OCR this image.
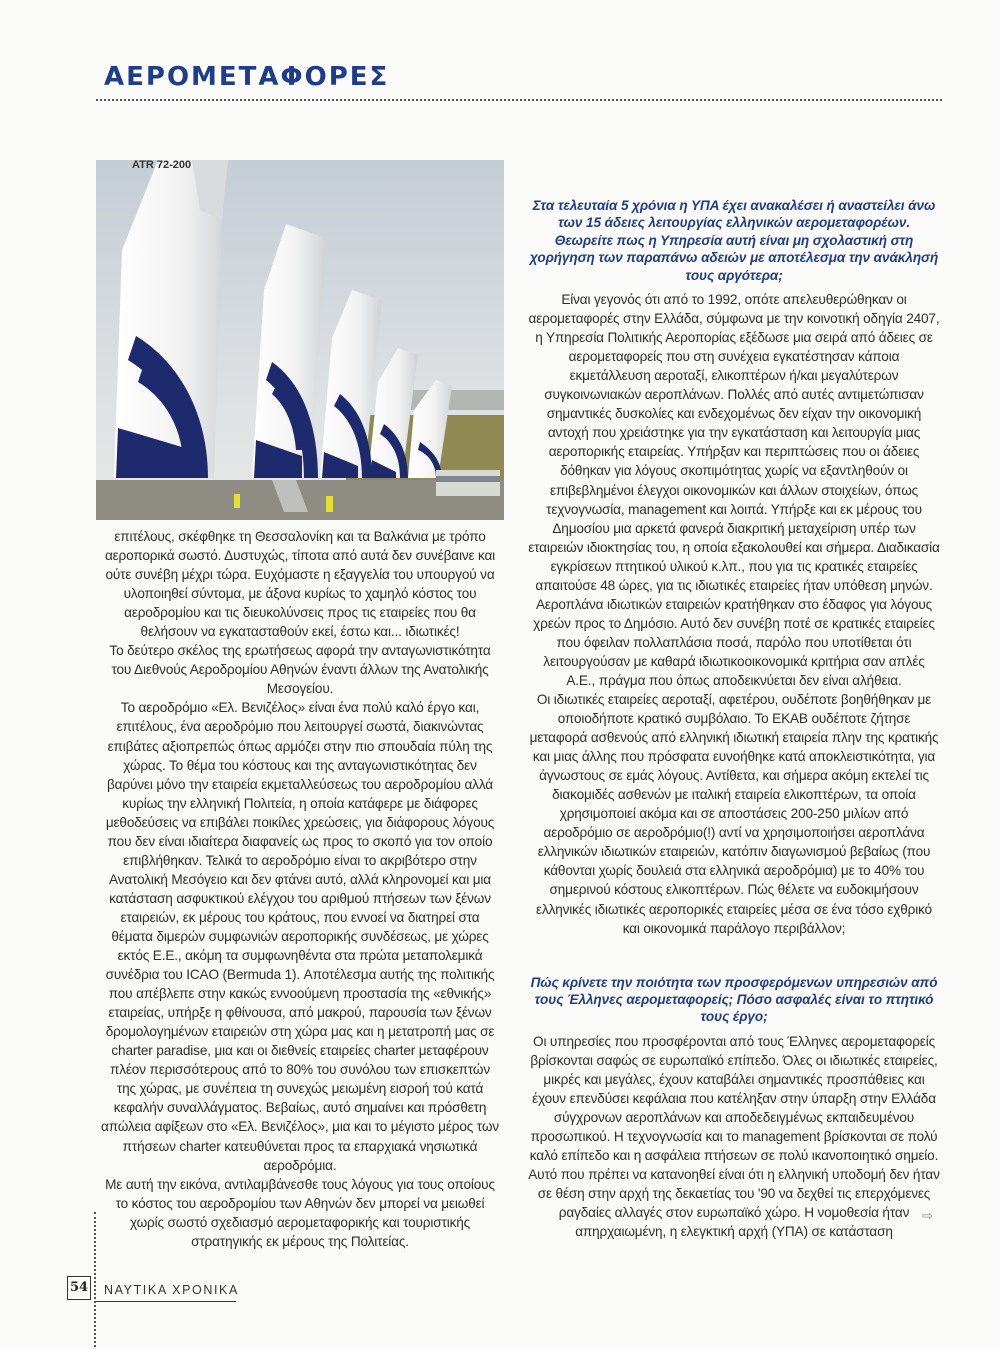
ΑΕΡΟΜΕΤΑΦΟΡΕΣ
ATR 72-200

επιτέλους, σκέφθηκε τη Θεσσαλονίκη και τα Βαλκάνια με τρόπο αεροπορικά σωστό. Δυστυχώς, τίποτα από αυτά δεν συνέβαινε και ούτε συνέβη μέχρι τώρα. Ευχόμαστε η εξαγγελία του υπουργού να υλοποιηθεί σύντομα, με άξονα κυρίως το χαμηλό κόστος του αεροδρομίου και τις διευκολύνσεις προς τις εταιρείες που θα θελήσουν να εγκατασταθούν εκεί, έστω και... ιδιωτικές!

Το δεύτερο σκέλος της ερωτήσεως αφορά την ανταγωνιστικότητα του Διεθνούς Αεροδρομίου Αθηνών έναντι άλλων της Ανατολικής Μεσογείου.

Το αεροδρόμιο «Ελ. Βενιζέλος» είναι ένα πολύ καλό έργο και, επιτέλους, ένα αεροδρόμιο που λειτουργεί σωστά, διακινώντας επιβάτες αξιοπρεπώς όπως αρμόζει στην πιο σπουδαία πύλη της χώρας. Το θέμα του κόστους και της ανταγωνιστικότητας δεν βαρύνει μόνο την εταιρεία εκμεταλλεύσεως του αεροδρομίου αλλά κυρίως την ελληνική Πολιτεία, η οποία κατάφερε με διάφορες μεθοδεύσεις να επιβάλει ποικίλες χρεώσεις, για διάφορους λόγους που δεν είναι ιδιαίτερα διαφανείς ως προς το σκοπό για τον οποίο επιβλήθηκαν. Τελικά το αεροδρόμιο είναι το ακριβότερο στην Ανατολική Μεσόγειο και δεν φτάνει αυτό, αλλά κληρονομεί και μια κατάσταση ασφυκτικού ελέγχου του αριθμού πτήσεων των ξένων εταιρειών, εκ μέρους του κράτους, που εννοεί να διατηρεί στα θέματα διμερών συμφωνιών αεροπορικής συνδέσεως, με χώρες εκτός Ε.Ε., ακόμη τα συμφωνηθέντα στα πρώτα μεταπολεμικά συνέδρια του ICAO (Bermuda 1). Αποτέλεσμα αυτής της πολιτικής που απέβλεπε στην κακώς εννοούμενη προστασία της «εθνικής» εταιρείας, υπήρξε η φθίνουσα, από μακρού, παρουσία των ξένων δρομολογημένων εταιρειών στη χώρα μας και η μετατροπή μας σε charter paradise, μια και οι διεθνείς εταιρείες charter μεταφέρουν πλέον περισσότερους από το 80% του συνόλου των επισκεπτών της χώρας, με συνέπεια τη συνεχώς μειωμένη εισροή τού κατά κεφαλήν συναλλάγματος. Βεβαίως, αυτό σημαίνει και πρόσθετη απώλεια αφίξεων στο «Ελ. Βενιζέλος», μια και το μέγιστο μέρος των πτήσεων charter κατευθύνεται προς τα επαρχιακά νησιωτικά αεροδρόμια.

Με αυτή την εικόνα, αντιλαμβάνεσθε τους λόγους για τους οποίους το κόστος του αεροδρομίου των Αθηνών δεν μπορεί να μειωθεί χωρίς σωστό σχεδιασμό αερομεταφορικής και τουριστικής στρατηγικής εκ μέρους της Πολιτείας.

Στα τελευταία 5 χρόνια η ΥΠΑ έχει ανακαλέσει ή αναστείλει άνω των 15 άδειες λειτουργίας ελληνικών αερομεταφορέων. Θεωρείτε πως η Υπηρεσία αυτή είναι μη σχολαστική στη χορήγηση των παραπάνω αδειών με αποτέλεσμα την ανάκλησή τους αργότερα;

Είναι γεγονός ότι από το 1992, οπότε απελευθερώθηκαν οι αερομεταφορές στην Ελλάδα, σύμφωνα με την κοινοτική οδηγία 2407, η Υπηρεσία Πολιτικής Αεροπορίας εξέδωσε μια σειρά από άδειες σε αερομεταφορείς που στη συνέχεια εγκατέστησαν κάποια εκμετάλλευση αεροταξί, ελικοπτέρων ή/και μεγαλύτερων συγκοινωνιακών αεροπλάνων. Πολλές από αυτές αντιμετώπισαν σημαντικές δυσκολίες και ενδεχομένως δεν είχαν την οικονομική αντοχή που χρειάστηκε για την εγκατάσταση και λειτουργία μιας αεροπορικής εταιρείας. Υπήρξαν και περιπτώσεις που οι άδειες δόθηκαν για λόγους σκοπιμότητας χωρίς να εξαντληθούν οι επιβεβλημένοι έλεγχοι οικονομικών και άλλων στοιχείων, όπως τεχνογνωσία, management και λοιπά. Υπήρξε και εκ μέρους του Δημοσίου μια αρκετά φανερά διακριτική μεταχείριση υπέρ των εταιρειών ιδιοκτησίας του, η οποία εξακολουθεί και σήμερα. Διαδικασία εγκρίσεων πτητικού υλικού κ.λπ., που για τις κρατικές εταιρείες απαιτούσε 48 ώρες, για τις ιδιωτικές εταιρείες ήταν υπόθεση μηνών. Αεροπλάνα ιδιωτικών εταιρειών κρατήθηκαν στο έδαφος για λόγους χρεών προς το Δημόσιο. Αυτό δεν συνέβη ποτέ σε κρατικές εταιρείες που όφειλαν πολλαπλάσια ποσά, παρόλο που υποτίθεται ότι λειτουργούσαν με καθαρά ιδιωτικοοικονομικά κριτήρια σαν απλές Α.Ε., πράγμα που όπως αποδεικνύεται δεν είναι αλήθεια.

Οι ιδιωτικές εταιρείες αεροταξί, αφετέρου, ουδέποτε βοηθήθηκαν με οποιοδήποτε κρατικό συμβόλαιο. Το ΕΚΑΒ ουδέποτε ζήτησε μεταφορά ασθενούς από ελληνική ιδιωτική εταιρεία πλην της κρατικής και μιας άλλης που πρόσφατα ευνοήθηκε κατά αποκλειστικότητα, για άγνωστους σε εμάς λόγους. Αντίθετα, και σήμερα ακόμη εκτελεί τις διακομιδές ασθενών με ιταλική εταιρεία ελικοπτέρων, τα οποία χρησιμοποιεί ακόμα και σε αποστάσεις 200-250 μιλίων από αεροδρόμιο σε αεροδρόμιο(!) αντί να χρησιμοποιήσει αεροπλάνα ελληνικών ιδιωτικών εταιρειών, κατόπιν διαγωνισμού βεβαίως (που κάθονται χωρίς δουλειά στα ελληνικά αεροδρόμια) με το 40% του σημερινού κόστους ελικοπτέρων. Πώς θέλετε να ευδοκιμήσουν ελληνικές ιδιωτικές αεροπορικές εταιρείες μέσα σε ένα τόσο εχθρικό και οικονομικά παράλογο περιβάλλον;

Πώς κρίνετε την ποιότητα των προσφερόμενων υπηρεσιών από τους Έλληνες αερομεταφορείς; Πόσο ασφαλές είναι το πτητικό τους έργο;

Οι υπηρεσίες που προσφέρονται από τους Έλληνες αερομεταφορείς βρίσκονται σαφώς σε ευρωπαϊκό επίπεδο. Όλες οι ιδιωτικές εταιρείες, μικρές και μεγάλες, έχουν καταβάλει σημαντικές προσπάθειες και έχουν επενδύσει κεφάλαια που κατέληξαν στην ύπαρξη στην Ελλάδα σύγχρονων αεροπλάνων και αποδεδειγμένως εκπαιδευμένου προσωπικού. Η τεχνογνωσία και το management βρίσκονται σε πολύ καλό επίπεδο και η ασφάλεια πτήσεων σε πολύ ικανοποιητικό σημείο.

Αυτό που πρέπει να κατανοηθεί είναι ότι η ελληνική υποδομή δεν ήταν σε θέση στην αρχή της δεκαετίας του '90 να δεχθεί τις επερχόμενες ραγδαίες αλλαγές στον ευρωπαϊκό χώρο. Η νομοθεσία ήταν απηρχαιωμένη, η ελεγκτική αρχή (ΥΠΑ) σε κατάσταση

⇨
54 ΝΑΥΤΙΚΑ ΧΡΟΝΙΚΑ
